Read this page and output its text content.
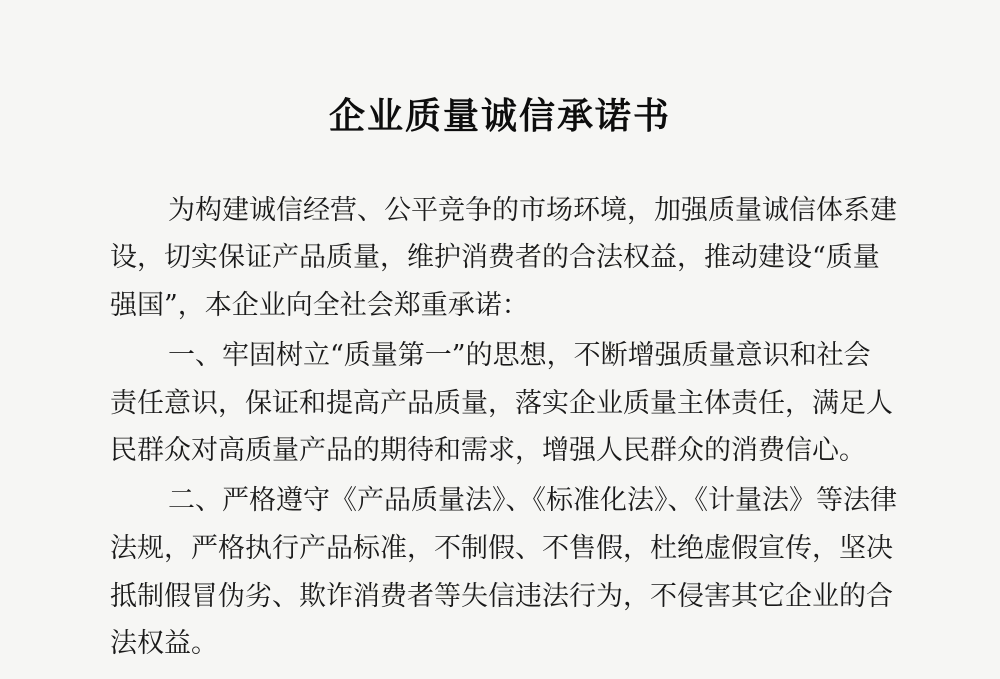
企业质量诚信承诺书
为构建诚信经营、公平竞争的市场环境，加强质量诚信体系建
设，切实保证产品质量，维护消费者的合法权益，推动建设“质量
强国”，本企业向全社会郑重承诺：
一、牢固树立“质量第一”的思想，不断增强质量意识和社会
责任意识，保证和提高产品质量，落实企业质量主体责任，满足人
民群众对高质量产品的期待和需求，增强人民群众的消费信心。
二、严格遵守《产品质量法》、《标准化法》、《计量法》等法律
法规，严格执行产品标准，不制假、不售假，杜绝虚假宣传，坚决
抵制假冒伪劣、欺诈消费者等失信违法行为，不侵害其它企业的合
法权益。
